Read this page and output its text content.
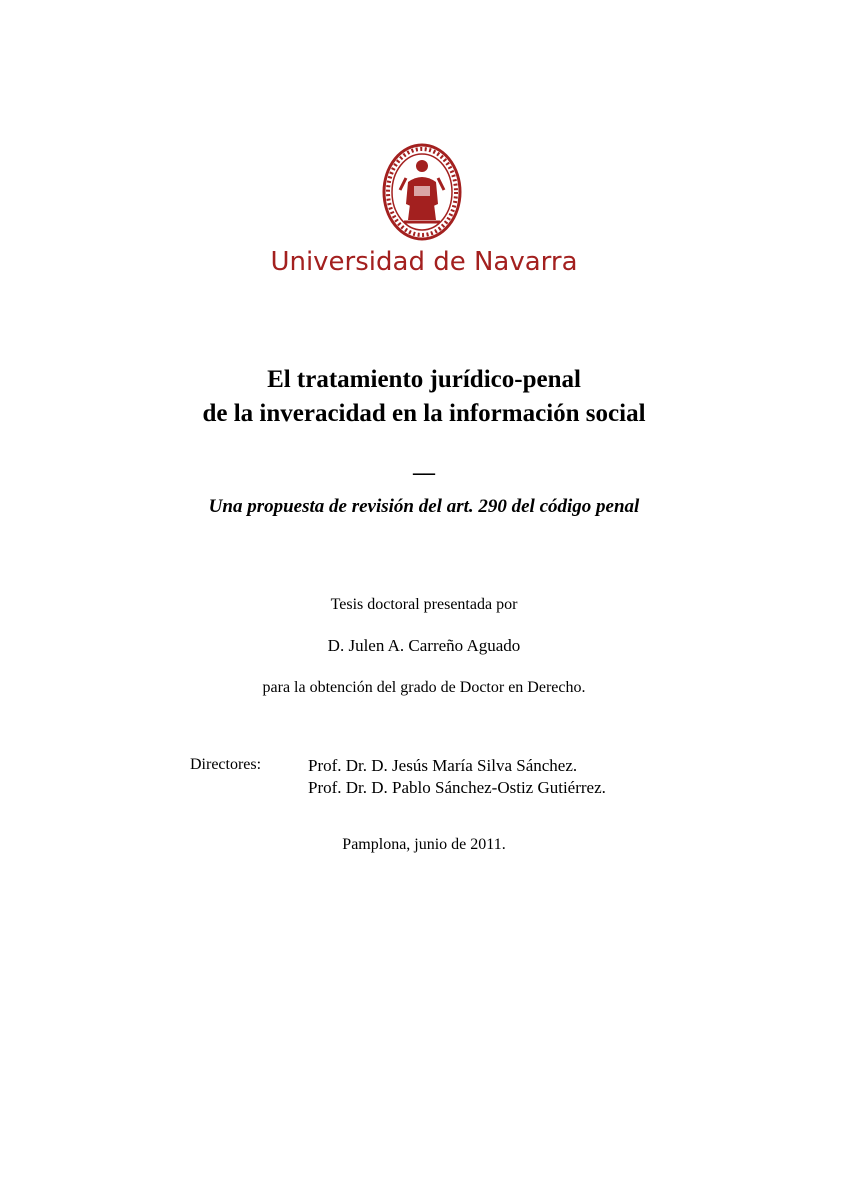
Universidad de Navarra
El tratamiento jurídico-penal
de la inveracidad en la información social
__
Una propuesta de revisión del art. 290 del código penal
Tesis doctoral presentada por
D. Julen A. Carreño Aguado
para la obtención del grado de Doctor en Derecho.
Directores:	Prof. Dr. D. Jesús María Silva Sánchez.
Prof. Dr. D. Pablo Sánchez-Ostiz Gutiérrez.
Pamplona, junio de 2011.
